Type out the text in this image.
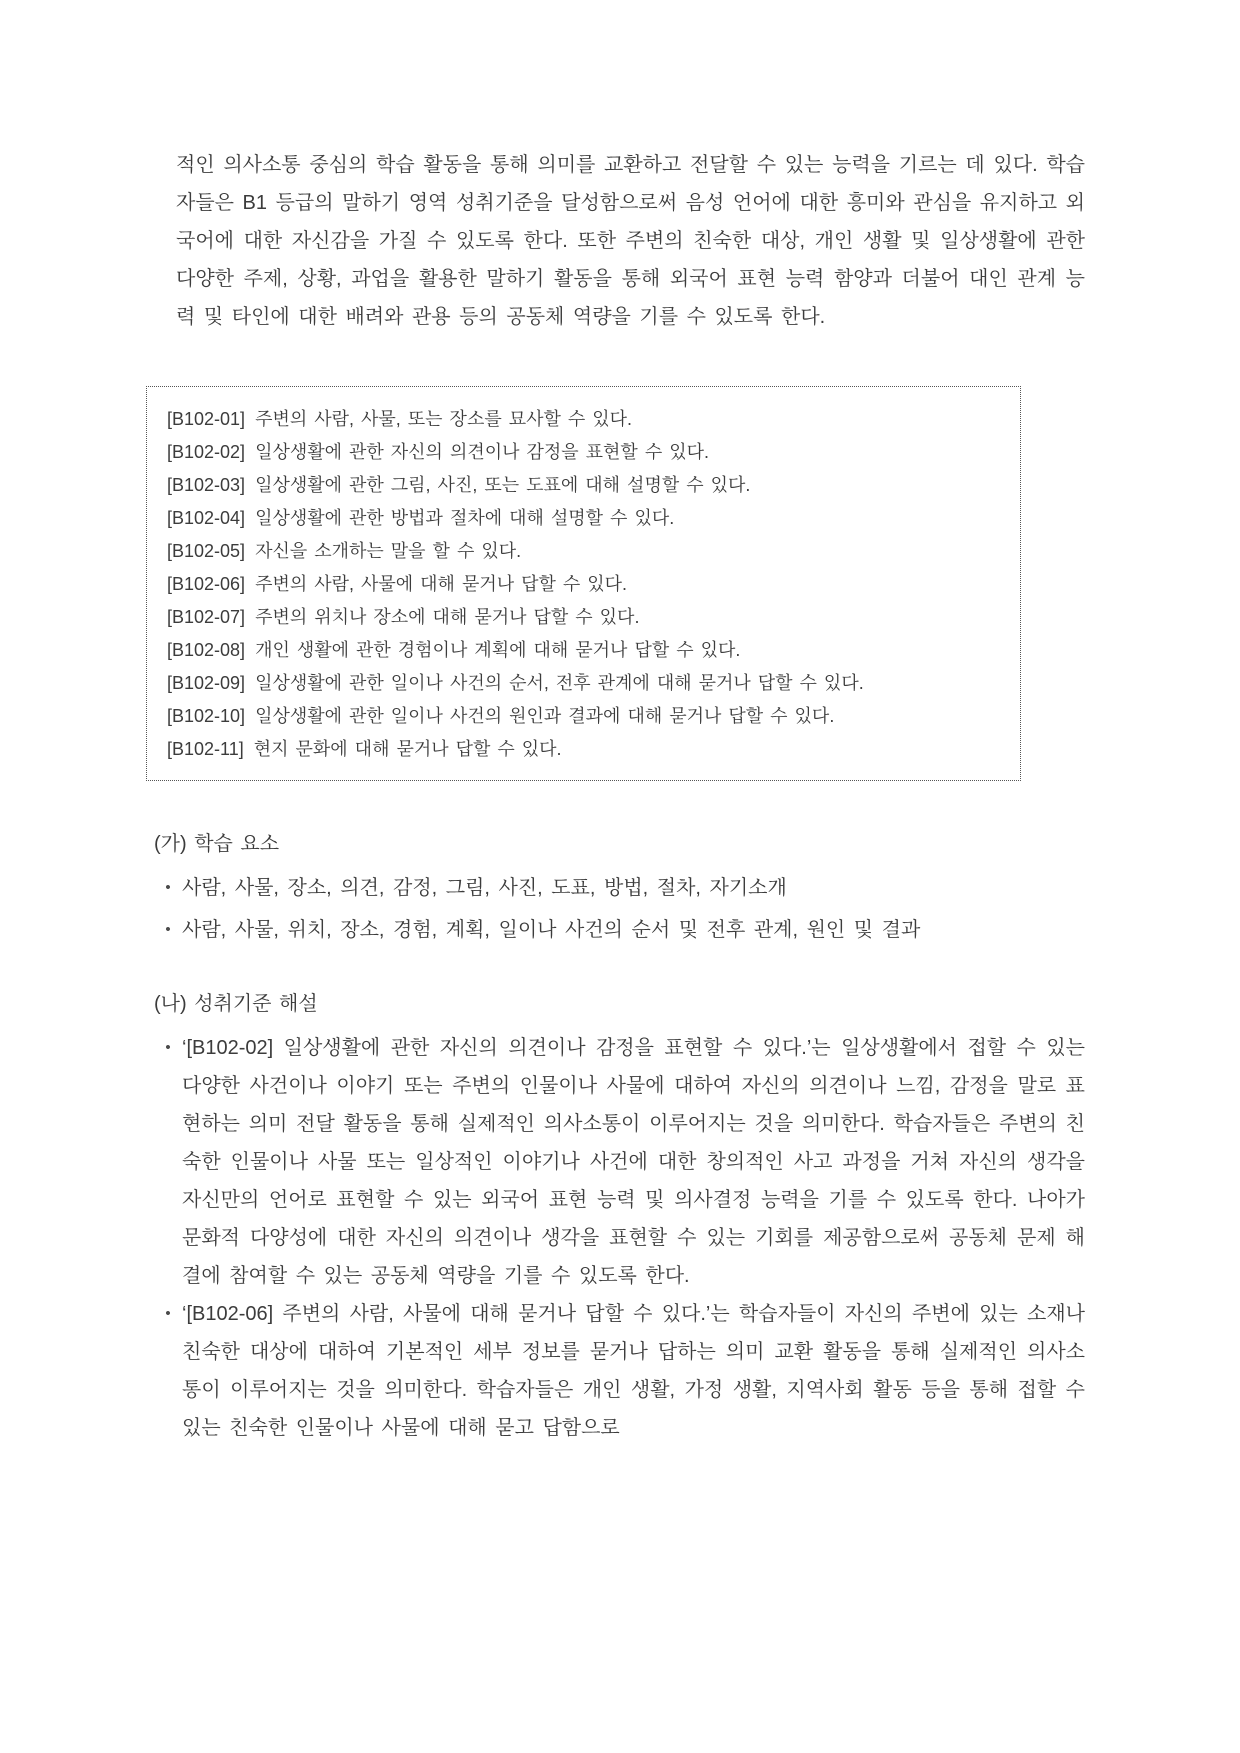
적인 의사소통 중심의 학습 활동을 통해 의미를 교환하고 전달할 수 있는 능력을 기르는 데 있다. 학습자들은 B1 등급의 말하기 영역 성취기준을 달성함으로써 음성 언어에 대한 흥미와 관심을 유지하고 외국어에 대한 자신감을 가질 수 있도록 한다. 또한 주변의 친숙한 대상, 개인 생활 및 일상생활에 관한 다양한 주제, 상황, 과업을 활용한 말하기 활동을 통해 외국어 표현 능력 함양과 더불어 대인 관계 능력 및 타인에 대한 배려와 관용 등의 공동체 역량을 기를 수 있도록 한다.

[B102-01] 주변의 사람, 사물, 또는 장소를 묘사할 수 있다.
[B102-02] 일상생활에 관한 자신의 의견이나 감정을 표현할 수 있다.
[B102-03] 일상생활에 관한 그림, 사진, 또는 도표에 대해 설명할 수 있다.
[B102-04] 일상생활에 관한 방법과 절차에 대해 설명할 수 있다.
[B102-05] 자신을 소개하는 말을 할 수 있다.
[B102-06] 주변의 사람, 사물에 대해 묻거나 답할 수 있다.
[B102-07] 주변의 위치나 장소에 대해 묻거나 답할 수 있다.
[B102-08] 개인 생활에 관한 경험이나 계획에 대해 묻거나 답할 수 있다.
[B102-09] 일상생활에 관한 일이나 사건의 순서, 전후 관계에 대해 묻거나 답할 수 있다.
[B102-10] 일상생활에 관한 일이나 사건의 원인과 결과에 대해 묻거나 답할 수 있다.
[B102-11] 현지 문화에 대해 묻거나 답할 수 있다.

(가) 학습 요소

• 사람, 사물, 장소, 의견, 감정, 그림, 사진, 도표, 방법, 절차, 자기소개
• 사람, 사물, 위치, 장소, 경험, 계획, 일이나 사건의 순서 및 전후 관계, 원인 및 결과

(나) 성취기준 해설

• ‘[B102-02] 일상생활에 관한 자신의 의견이나 감정을 표현할 수 있다.’는 일상생활에서 접할 수 있는 다양한 사건이나 이야기 또는 주변의 인물이나 사물에 대하여 자신의 의견이나 느낌, 감정을 말로 표현하는 의미 전달 활동을 통해 실제적인 의사소통이 이루어지는 것을 의미한다. 학습자들은 주변의 친숙한 인물이나 사물 또는 일상적인 이야기나 사건에 대한 창의적인 사고 과정을 거쳐 자신의 생각을 자신만의 언어로 표현할 수 있는 외국어 표현 능력 및 의사결정 능력을 기를 수 있도록 한다. 나아가 문화적 다양성에 대한 자신의 의견이나 생각을 표현할 수 있는 기회를 제공함으로써 공동체 문제 해결에 참여할 수 있는 공동체 역량을 기를 수 있도록 한다.
• ‘[B102-06] 주변의 사람, 사물에 대해 묻거나 답할 수 있다.’는 학습자들이 자신의 주변에 있는 소재나 친숙한 대상에 대하여 기본적인 세부 정보를 묻거나 답하는 의미 교환 활동을 통해 실제적인 의사소통이 이루어지는 것을 의미한다. 학습자들은 개인 생활, 가정 생활, 지역사회 활동 등을 통해 접할 수 있는 친숙한 인물이나 사물에 대해 묻고 답함으로
